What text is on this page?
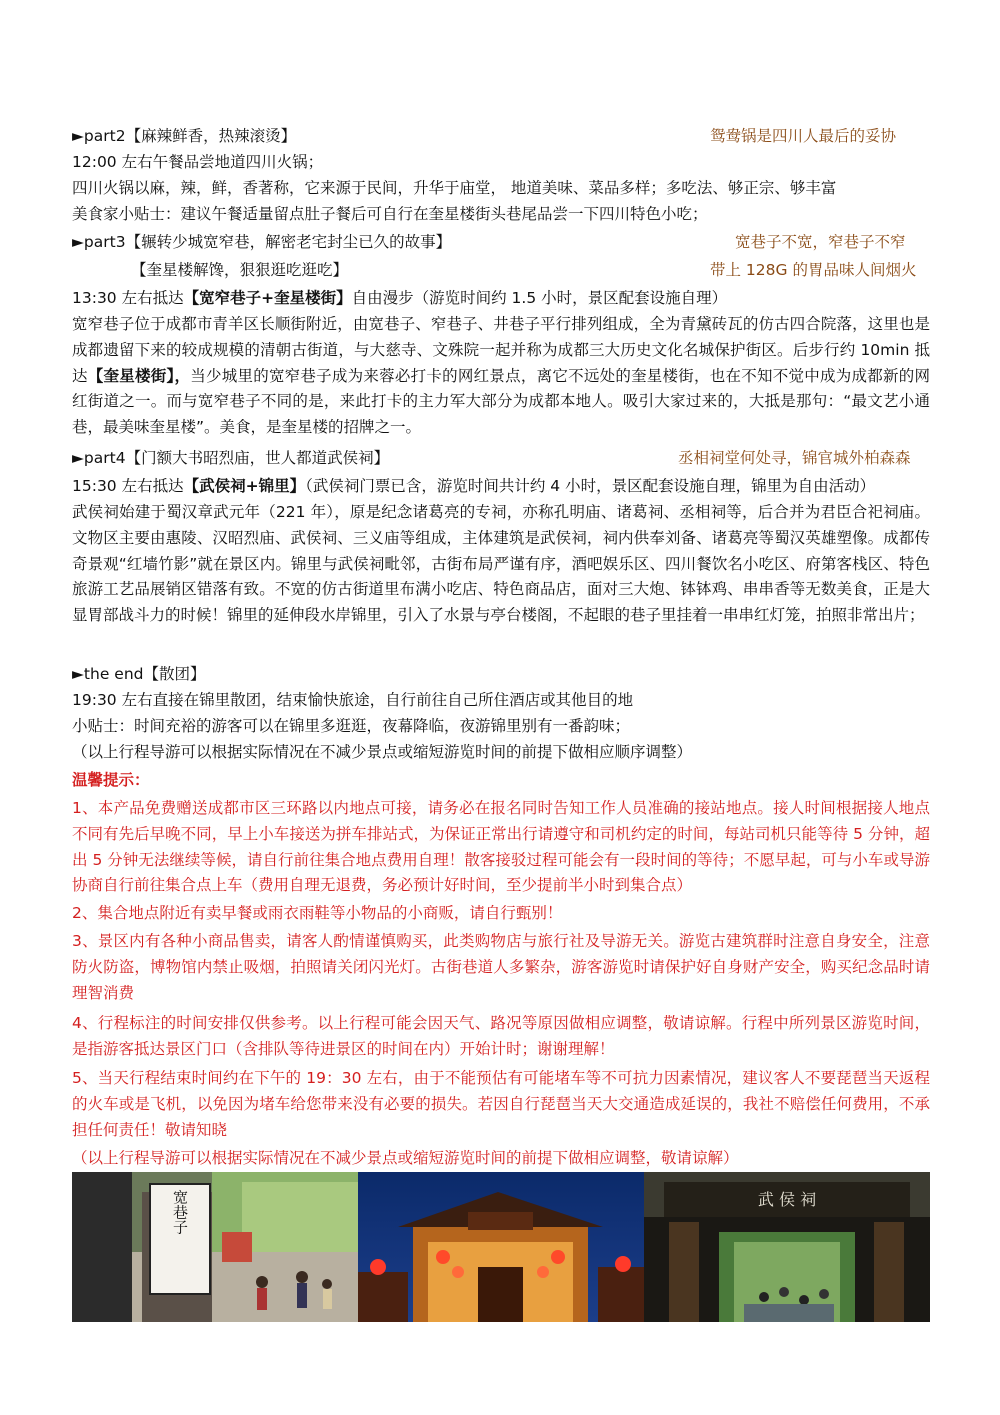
►part2【麻辣鲜香，热辣滚烫】	鸳鸯锅是四川人最后的妥协
12:00 左右午餐品尝地道四川火锅；
四川火锅以麻，辣，鲜，香著称，它来源于民间，升华于庙堂， 地道美味、菜品多样；多吃法、够正宗、够丰富
美食家小贴士：建议午餐适量留点肚子餐后可自行在奎星楼街头巷尾品尝一下四川特色小吃；
►part3【辗转少城宽窄巷，解密老宅封尘已久的故事】	宽巷子不宽，窄巷子不窄
【奎星楼解馋，狠狠逛吃逛吃】	带上 128G 的胃品味人间烟火
13:30 左右抵达【宽窄巷子+奎星楼街】自由漫步（游览时间约 1.5 小时，景区配套设施自理）
宽窄巷子位于成都市青羊区长顺街附近，由宽巷子、窄巷子、井巷子平行排列组成，全为青黛砖瓦的仿古四合院落，这里也是成都遗留下来的较成规模的清朝古街道，与大慈寺、文殊院一起并称为成都三大历史文化名城保护街区。后步行约 10min 抵达【奎星楼街】，当少城里的宽窄巷子成为来蓉必打卡的网红景点，离它不远处的奎星楼街，也在不知不觉中成为成都新的网红街道之一。而与宽窄巷子不同的是，来此打卡的主力军大部分为成都本地人。吸引大家过来的，大抵是那句：“最文艺小通巷，最美味奎星楼”。美食，是奎星楼的招牌之一。
►part4【门额大书昭烈庙，世人都道武侯祠】	丞相祠堂何处寻，锦官城外柏森森
15:30 左右抵达【武侯祠+锦里】（武侯祠门票已含，游览时间共计约 4 小时，景区配套设施自理，锦里为自由活动）
武侯祠始建于蜀汉章武元年（221 年），原是纪念诸葛亮的专祠，亦称孔明庙、诸葛祠、丞相祠等，后合并为君臣合祀祠庙。文物区主要由惠陵、汉昭烈庙、武侯祠、三义庙等组成，主体建筑是武侯祠，祠内供奉刘备、诸葛亮等蜀汉英雄塑像。成都传奇景观“红墙竹影”就在景区内。锦里与武侯祠毗邻，古街布局严谨有序，酒吧娱乐区、四川餐饮名小吃区、府第客栈区、特色旅游工艺品展销区错落有致。不宽的仿古街道里布满小吃店、特色商品店，面对三大炮、钵钵鸡、串串香等无数美食，正是大显胃部战斗力的时候！锦里的延伸段水岸锦里，引入了水景与亭台楼阁，不起眼的巷子里挂着一串串红灯笼，拍照非常出片；
►the end【散团】
19:30 左右直接在锦里散团，结束愉快旅途，自行前往自己所住酒店或其他目的地
小贴士：时间充裕的游客可以在锦里多逛逛，夜幕降临，夜游锦里别有一番韵味；
（以上行程导游可以根据实际情况在不减少景点或缩短游览时间的前提下做相应顺序调整）
温馨提示：
1、本产品免费赠送成都市区三环路以内地点可接，请务必在报名同时告知工作人员准确的接站地点。接人时间根据接人地点不同有先后早晚不同，早上小车接送为拼车排站式，为保证正常出行请遵守和司机约定的时间，每站司机只能等待 5 分钟，超出 5 分钟无法继续等候，请自行前往集合地点费用自理！散客接驳过程可能会有一段时间的等待；不愿早起，可与小车或导游协商自行前往集合点上车（费用自理无退费，务必预计好时间，至少提前半小时到集合点）
2、集合地点附近有卖早餐或雨衣雨鞋等小物品的小商贩，请自行甄别！
3、景区内有各种小商品售卖，请客人酌情谨慎购买，此类购物店与旅行社及导游无关。游览古建筑群时注意自身安全，注意防火防盗，博物馆内禁止吸烟，拍照请关闭闪光灯。古街巷道人多繁杂，游客游览时请保护好自身财产安全，购买纪念品时请理智消费
4、行程标注的时间安排仅供参考。以上行程可能会因天气、路况等原因做相应调整，敬请谅解。行程中所列景区游览时间，是指游客抵达景区门口（含排队等待进景区的时间在内）开始计时；谢谢理解！
5、当天行程结束时间约在下午的 19：30 左右，由于不能预估有可能堵车等不可抗力因素情况，建议客人不要琵琶当天返程的火车或是飞机，以免因为堵车给您带来没有必要的损失。若因自行琵琶当天大交通造成延误的，我社不赔偿任何费用，不承担任何责任！敬请知晓
（以上行程导游可以根据实际情况在不减少景点或缩短游览时间的前提下做相应调整，敬请谅解）
宽巷子	武 侯 祠
